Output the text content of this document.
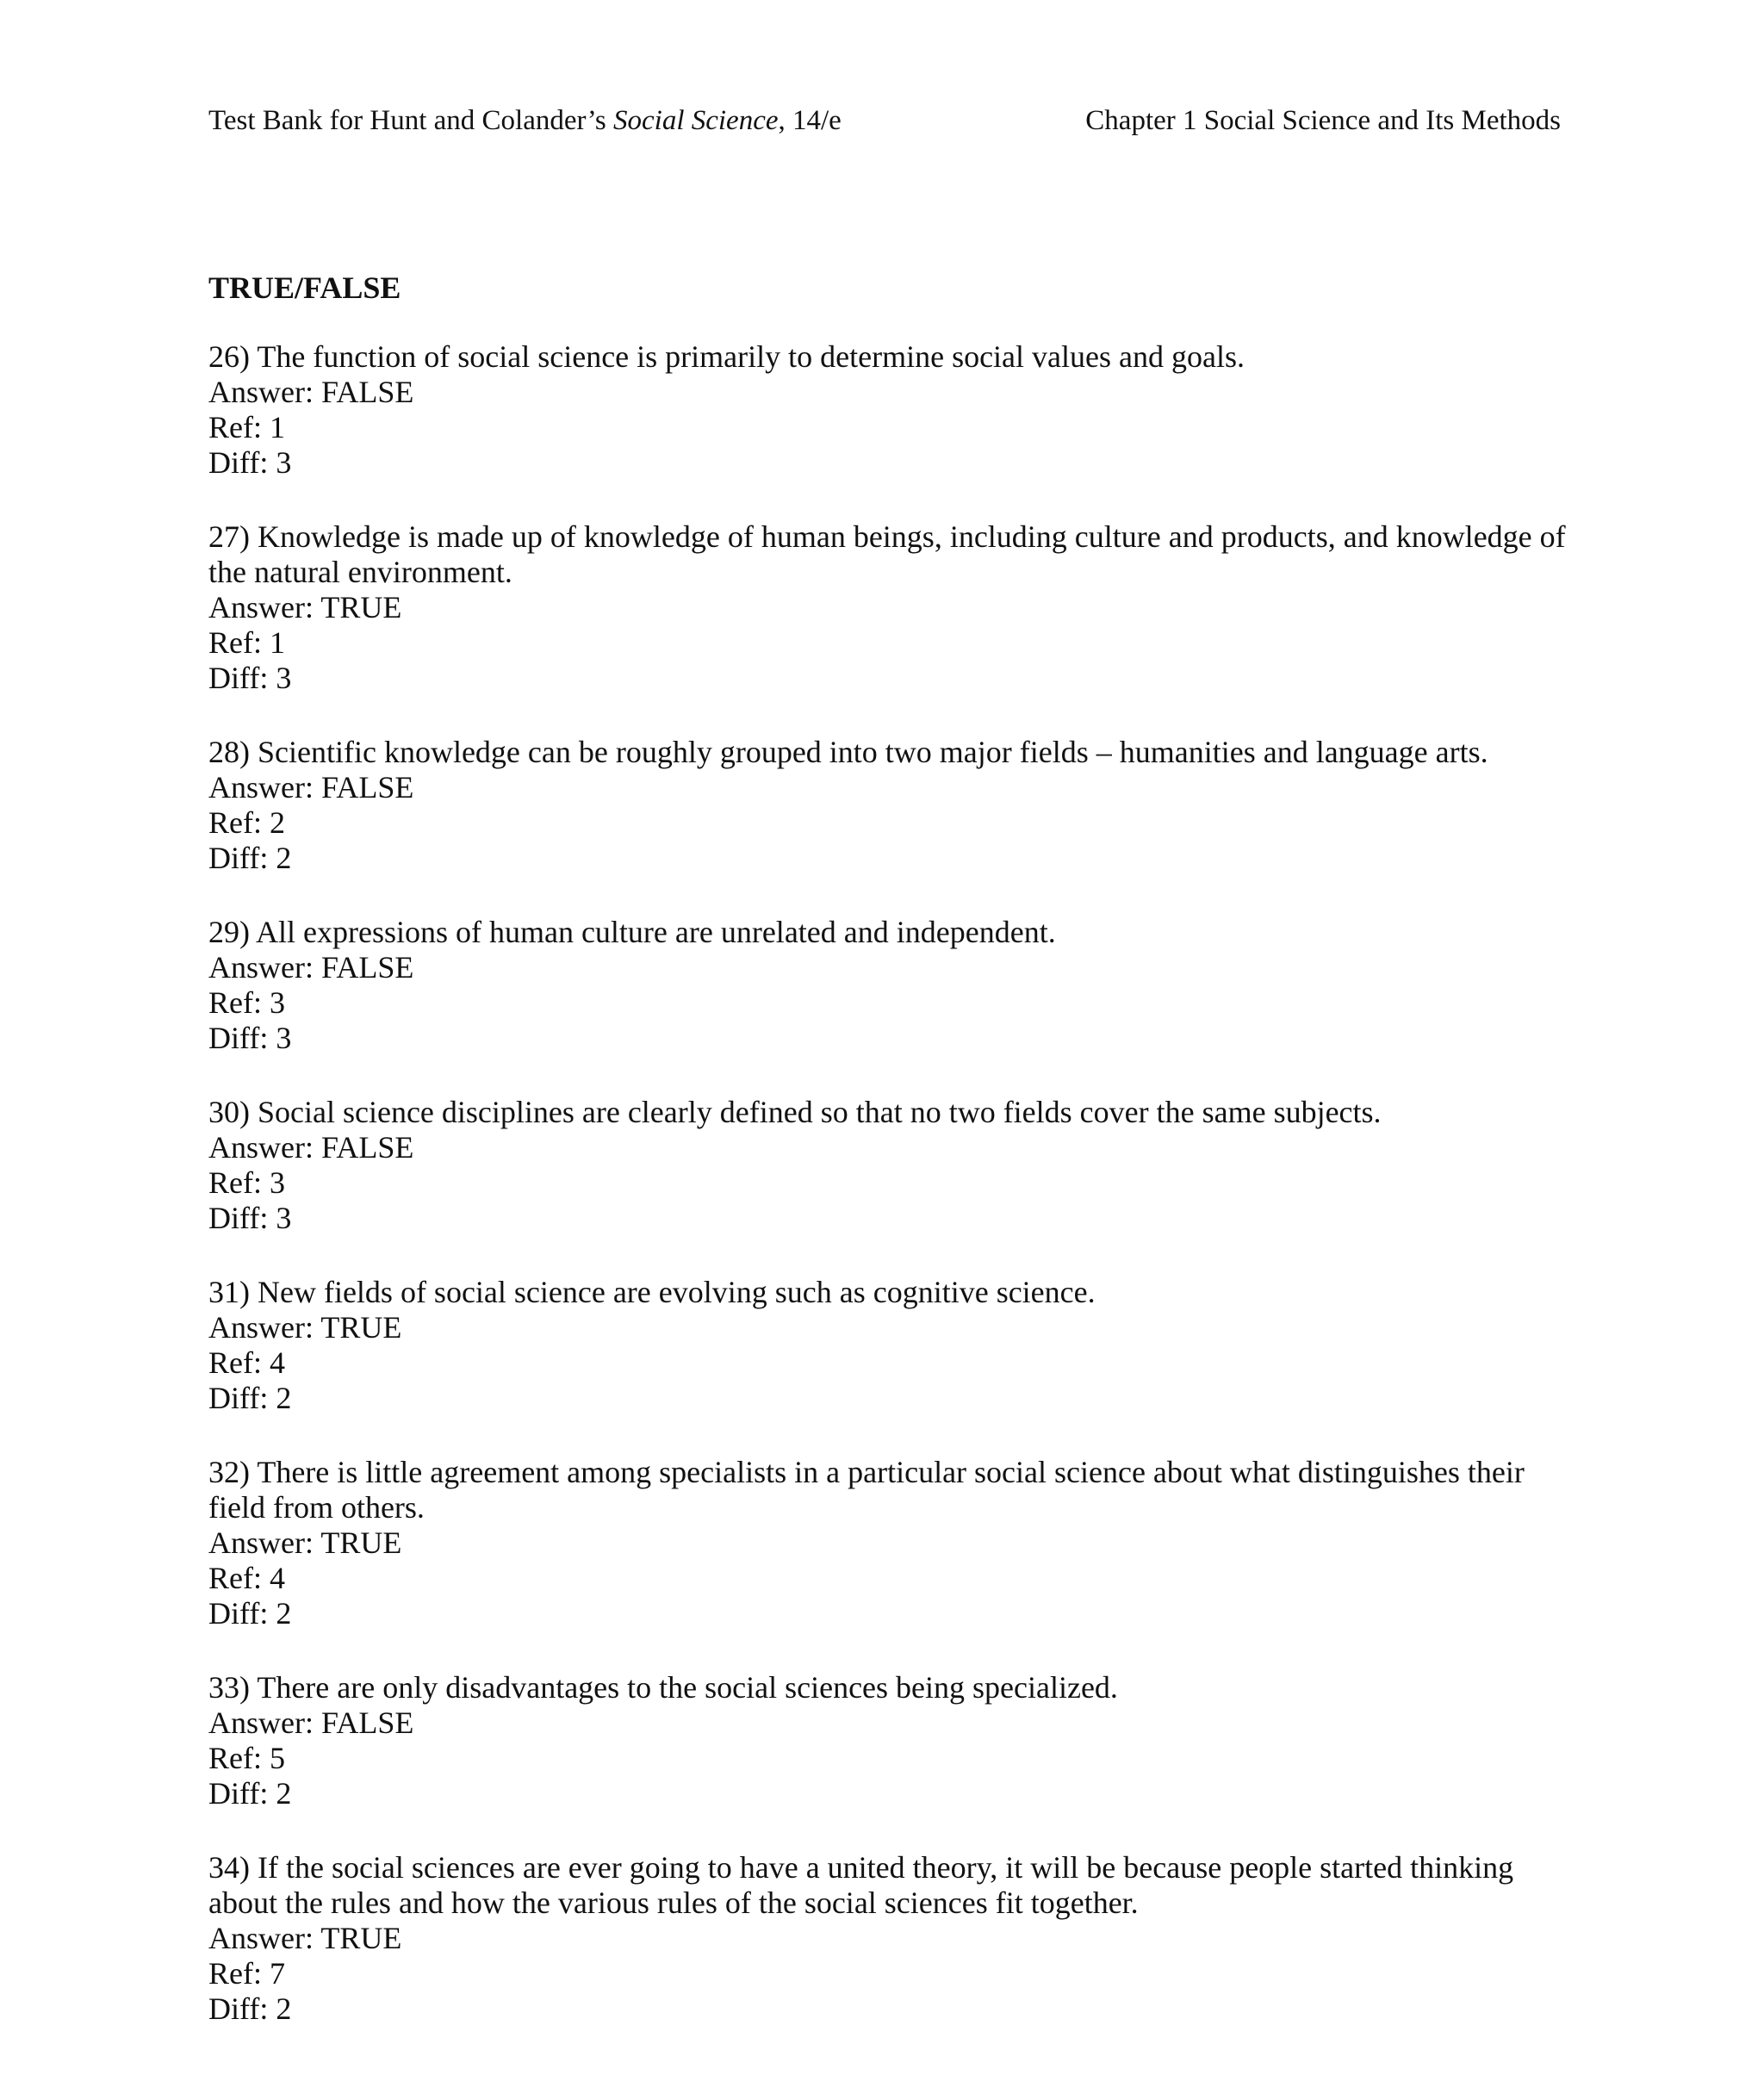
Test Bank for Hunt and Colander’s Social Science, 14/e	Chapter 1 Social Science and Its Methods
TRUE/FALSE

26) The function of social science is primarily to determine social values and goals.

Answer: FALSE

Ref: 1

Diff: 3

27) Knowledge is made up of knowledge of human beings, including culture and products, and knowledge of the natural environment.

Answer: TRUE

Ref: 1

Diff: 3

28) Scientific knowledge can be roughly grouped into two major fields – humanities and language arts.

Answer: FALSE

Ref: 2

Diff: 2

29) All expressions of human culture are unrelated and independent.

Answer: FALSE

Ref: 3

Diff: 3

30) Social science disciplines are clearly defined so that no two fields cover the same subjects.

Answer: FALSE

Ref: 3

Diff: 3

31) New fields of social science are evolving such as cognitive science.

Answer: TRUE

Ref: 4

Diff: 2

32) There is little agreement among specialists in a particular social science about what distinguishes their field from others.

Answer: TRUE

Ref: 4

Diff: 2

33) There are only disadvantages to the social sciences being specialized.

Answer: FALSE

Ref: 5

Diff: 2

34) If the social sciences are ever going to have a united theory, it will be because people started thinking about the rules and how the various rules of the social sciences fit together.

Answer: TRUE

Ref: 7

Diff: 2
